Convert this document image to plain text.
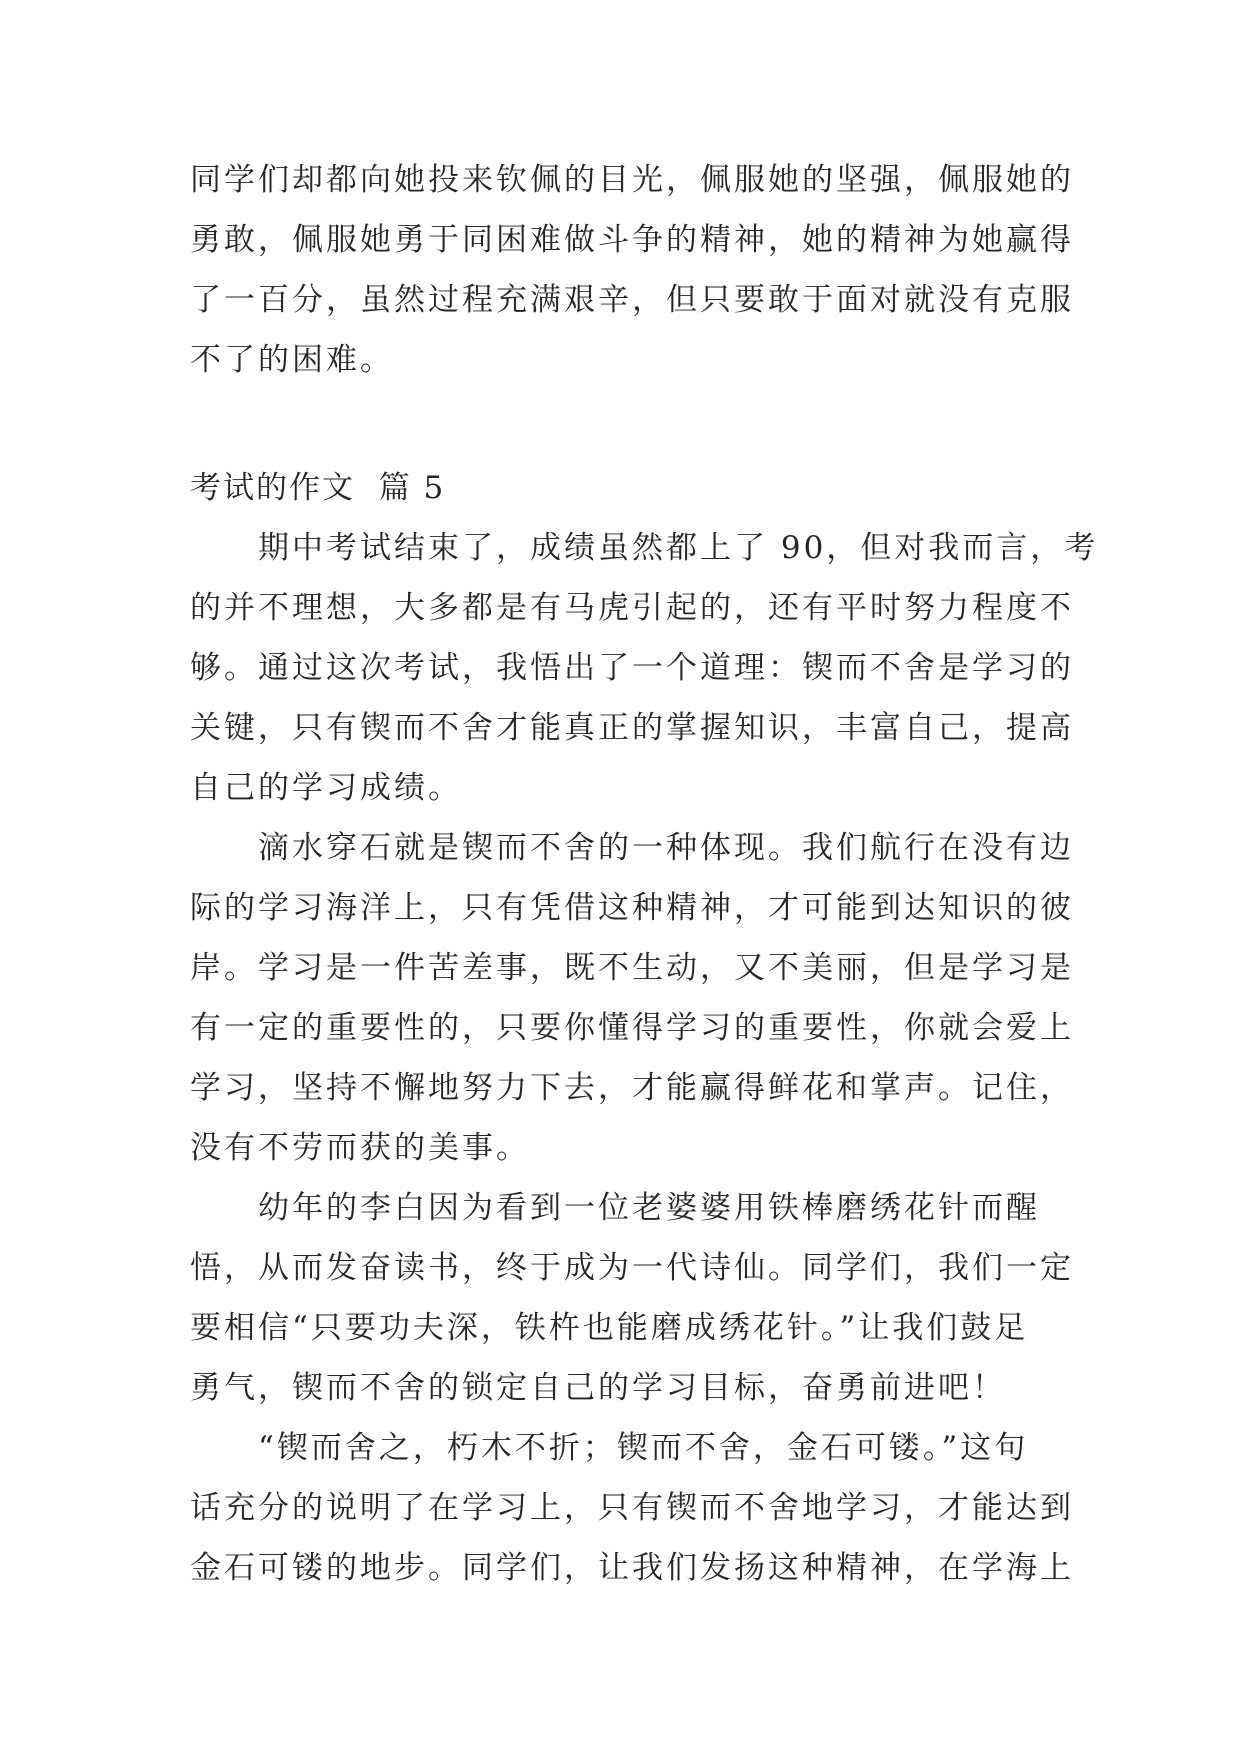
同学们却都向她投来钦佩的目光，佩服她的坚强，佩服她的
勇敢，佩服她勇于同困难做斗争的精神，她的精神为她赢得
了一百分，虽然过程充满艰辛，但只要敢于面对就没有克服
不了的困难。
考试的作文  篇 5
期中考试结束了，成绩虽然都上了 90，但对我而言，考
的并不理想，大多都是有马虎引起的，还有平时努力程度不
够。通过这次考试，我悟出了一个道理：锲而不舍是学习的
关键，只有锲而不舍才能真正的掌握知识，丰富自己，提高
自己的学习成绩。
滴水穿石就是锲而不舍的一种体现。我们航行在没有边
际的学习海洋上，只有凭借这种精神，才可能到达知识的彼
岸。学习是一件苦差事，既不生动，又不美丽，但是学习是
有一定的重要性的，只要你懂得学习的重要性，你就会爱上
学习，坚持不懈地努力下去，才能赢得鲜花和掌声。记住，
没有不劳而获的美事。
幼年的李白因为看到一位老婆婆用铁棒磨绣花针而醒
悟，从而发奋读书，终于成为一代诗仙。同学们，我们一定
要相信“只要功夫深，铁杵也能磨成绣花针。”让我们鼓足
勇气，锲而不舍的锁定自己的学习目标，奋勇前进吧！
“锲而舍之，朽木不折；锲而不舍，金石可镂。”这句
话充分的说明了在学习上，只有锲而不舍地学习，才能达到
金石可镂的地步。同学们，让我们发扬这种精神，在学海上
